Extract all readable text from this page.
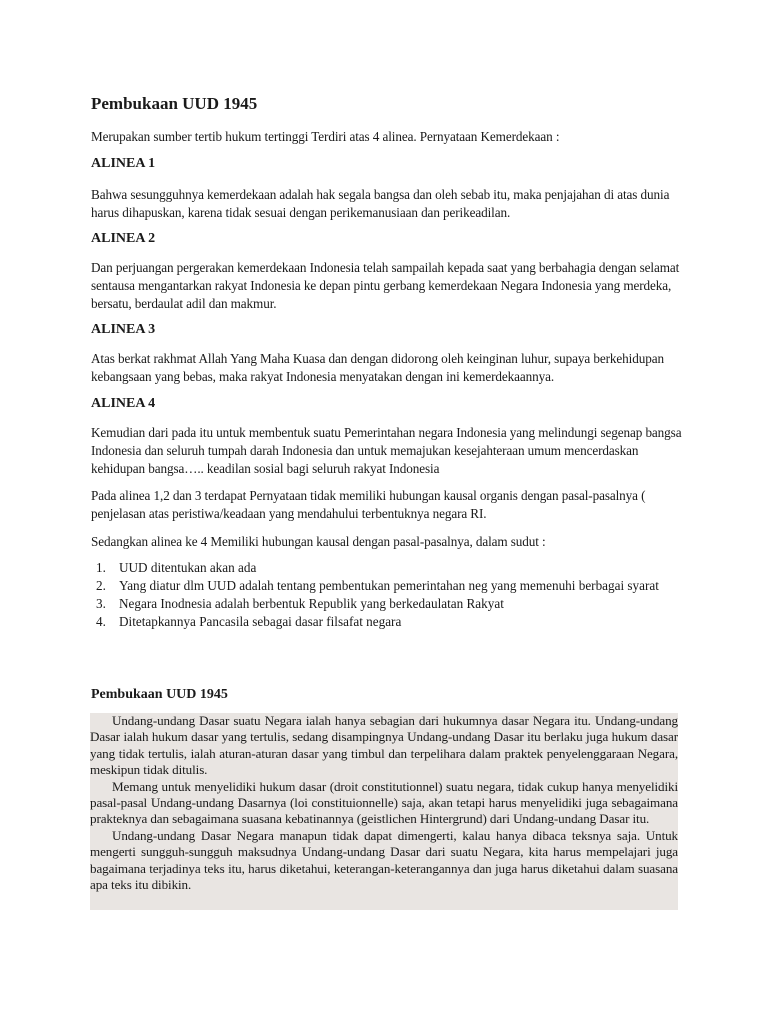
Pembukaan UUD 1945

Merupakan sumber tertib hukum tertinggi Terdiri atas 4 alinea. Pernyataan Kemerdekaan :

ALINEA 1

Bahwa sesungguhnya kemerdekaan adalah hak segala bangsa dan oleh sebab itu, maka penjajahan di atas dunia harus dihapuskan, karena tidak sesuai dengan perikemanusiaan dan perikeadilan.

ALINEA 2

Dan perjuangan pergerakan kemerdekaan Indonesia telah sampailah kepada saat yang berbahagia dengan selamat sentausa mengantarkan rakyat Indonesia ke depan pintu gerbang kemerdekaan Negara Indonesia yang merdeka, bersatu, berdaulat adil dan makmur.

ALINEA 3

Atas berkat rakhmat Allah Yang Maha Kuasa dan dengan didorong oleh keinginan luhur, supaya berkehidupan kebangsaan yang bebas, maka rakyat Indonesia menyatakan dengan ini kemerdekaannya.

ALINEA 4

Kemudian dari pada itu untuk membentuk suatu Pemerintahan negara Indonesia yang melindungi segenap bangsa Indonesia dan seluruh tumpah darah Indonesia dan untuk memajukan kesejahteraan umum mencerdaskan kehidupan bangsa….. keadilan sosial bagi seluruh rakyat Indonesia

Pada alinea 1,2 dan 3 terdapat Pernyataan tidak memiliki hubungan kausal organis dengan pasal-pasalnya ( penjelasan atas peristiwa/keadaan yang mendahului terbentuknya negara RI.

Sedangkan alinea ke 4 Memiliki hubungan kausal dengan pasal-pasalnya, dalam sudut :

1. UUD ditentukan akan ada
2. Yang diatur dlm UUD adalah tentang pembentukan pemerintahan neg yang memenuhi berbagai syarat
3. Negara Inodnesia adalah berbentuk Republik yang berkedaulatan Rakyat
4. Ditetapkannya Pancasila sebagai dasar filsafat negara
Pembukaan UUD 1945

Undang-undang Dasar suatu Negara ialah hanya sebagian dari hukumnya dasar Negara itu. Undang-undang Dasar ialah hukum dasar yang tertulis, sedang disampingnya Undang-undang Dasar itu berlaku juga hukum dasar yang tidak tertulis, ialah aturan-aturan dasar yang timbul dan terpelihara dalam praktek penyelenggaraan Negara, meskipun tidak ditulis.

Memang untuk menyelidiki hukum dasar (droit constitutionnel) suatu negara, tidak cukup hanya menyelidiki pasal-pasal Undang-undang Dasarnya (loi constituionnelle) saja, akan tetapi harus menyelidiki juga sebagaimana prakteknya dan sebagaimana suasana kebatinannya (geistlichen Hintergrund) dari Undang-undang Dasar itu.

Undang-undang Dasar Negara manapun tidak dapat dimengerti, kalau hanya dibaca teksnya saja. Untuk mengerti sungguh-sungguh maksudnya Undang-undang Dasar dari suatu Negara, kita harus mempelajari juga bagaimana terjadinya teks itu, harus diketahui, keterangan-keterangannya dan juga harus diketahui dalam suasana apa teks itu dibikin.
